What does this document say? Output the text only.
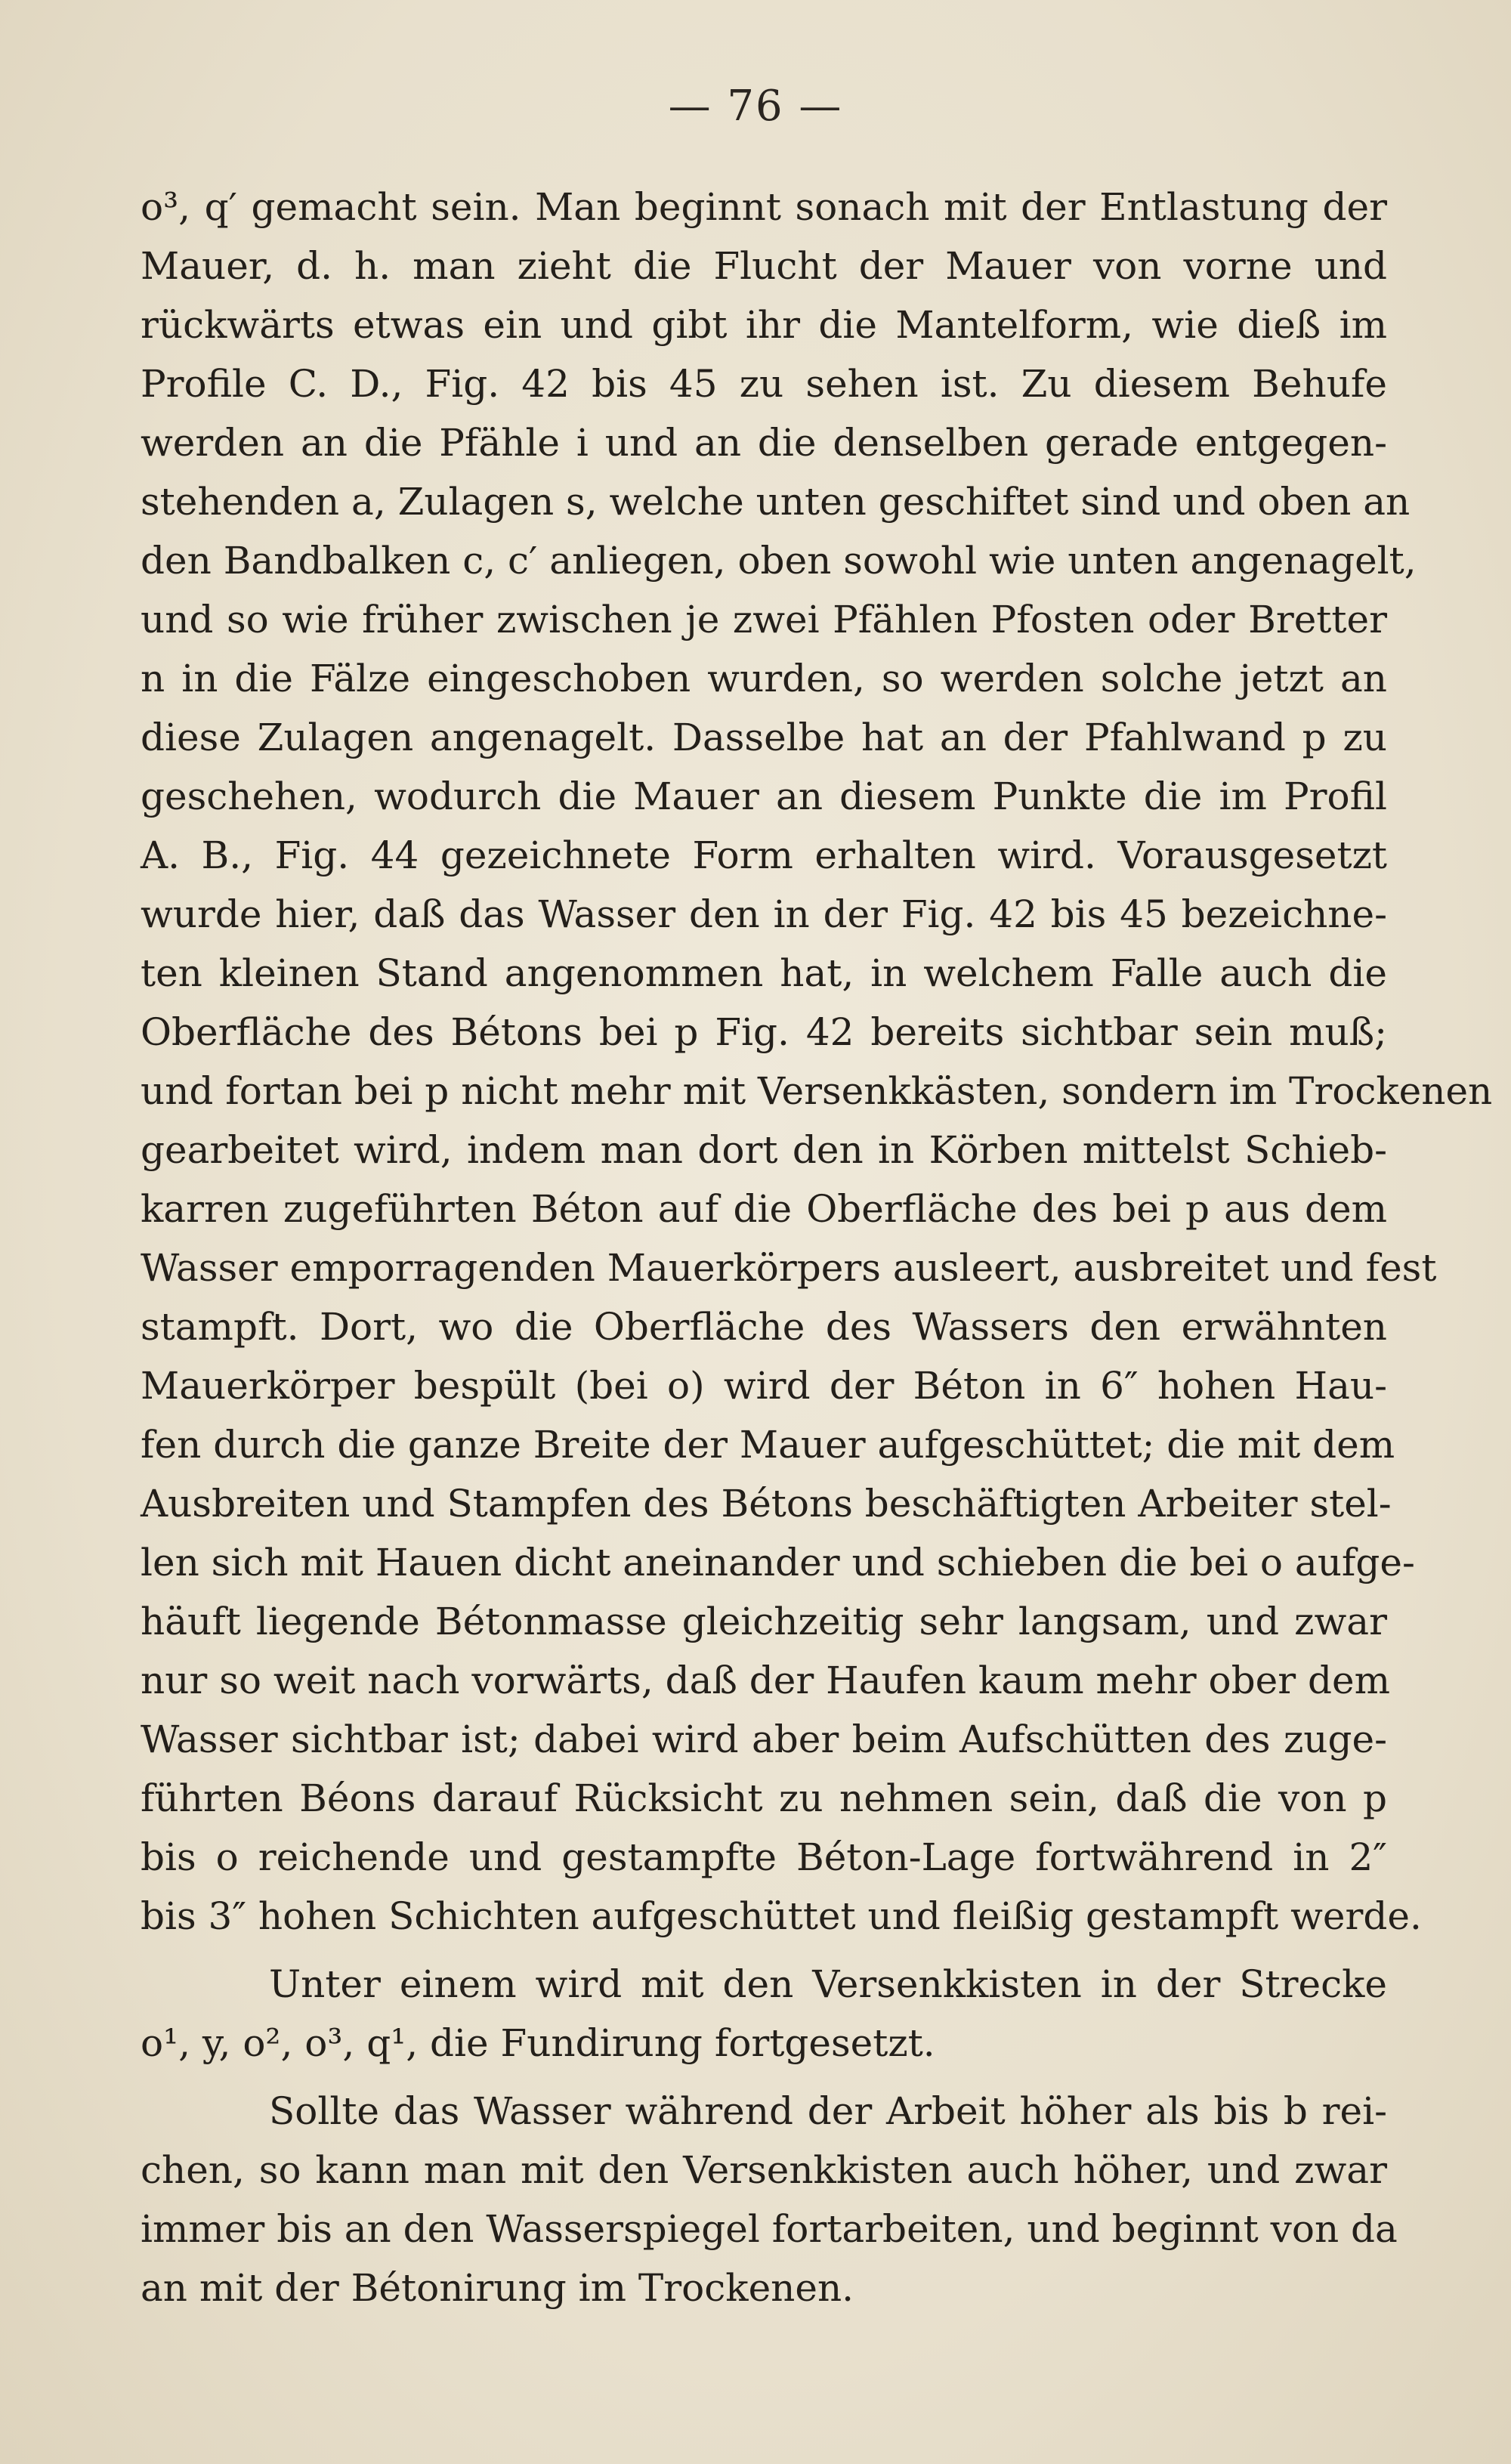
— 76 —
o³, q′ gemacht sein. Man beginnt sonach mit der Entlastung der
Mauer, d. h. man zieht die Flucht der Mauer von vorne und
rückwärts etwas ein und gibt ihr die Mantelform, wie dieß im
Profile C. D., Fig. 42 bis 45 zu sehen ist. Zu diesem Behufe
werden an die Pfähle i und an die denselben gerade entgegen-
stehenden a, Zulagen s, welche unten geschiftet sind und oben an
den Bandbalken c, c′ anliegen, oben sowohl wie unten angenagelt,
und so wie früher zwischen je zwei Pfählen Pfosten oder Bretter
n in die Fälze eingeschoben wurden, so werden solche jetzt an
diese Zulagen angenagelt. Dasselbe hat an der Pfahlwand p zu
geschehen, wodurch die Mauer an diesem Punkte die im Profil
A. B., Fig. 44 gezeichnete Form erhalten wird. Vorausgesetzt
wurde hier, daß das Wasser den in der Fig. 42 bis 45 bezeichne-
ten kleinen Stand angenommen hat, in welchem Falle auch die
Oberfläche des Bétons bei p Fig. 42 bereits sichtbar sein muß;
und fortan bei p nicht mehr mit Versenkkästen, sondern im Trockenen
gearbeitet wird, indem man dort den in Körben mittelst Schieb-
karren zugeführten Béton auf die Oberfläche des bei p aus dem
Wasser emporragenden Mauerkörpers ausleert, ausbreitet und fest
stampft. Dort, wo die Oberfläche des Wassers den erwähnten
Mauerkörper bespült (bei o) wird der Béton in 6″ hohen Hau-
fen durch die ganze Breite der Mauer aufgeschüttet; die mit dem
Ausbreiten und Stampfen des Bétons beschäftigten Arbeiter stel-
len sich mit Hauen dicht aneinander und schieben die bei o aufge-
häuft liegende Bétonmasse gleichzeitig sehr langsam, und zwar
nur so weit nach vorwärts, daß der Haufen kaum mehr ober dem
Wasser sichtbar ist; dabei wird aber beim Aufschütten des zuge-
führten Béons darauf Rücksicht zu nehmen sein, daß die von p
bis o reichende und gestampfte Béton-Lage fortwährend in 2″
bis 3″ hohen Schichten aufgeschüttet und fleißig gestampft werde.
Unter einem wird mit den Versenkkisten in der Strecke
o¹, y, o², o³, q¹, die Fundirung fortgesetzt.
Sollte das Wasser während der Arbeit höher als bis b rei-
chen, so kann man mit den Versenkkisten auch höher, und zwar
immer bis an den Wasserspiegel fortarbeiten, und beginnt von da
an mit der Bétonirung im Trockenen.
